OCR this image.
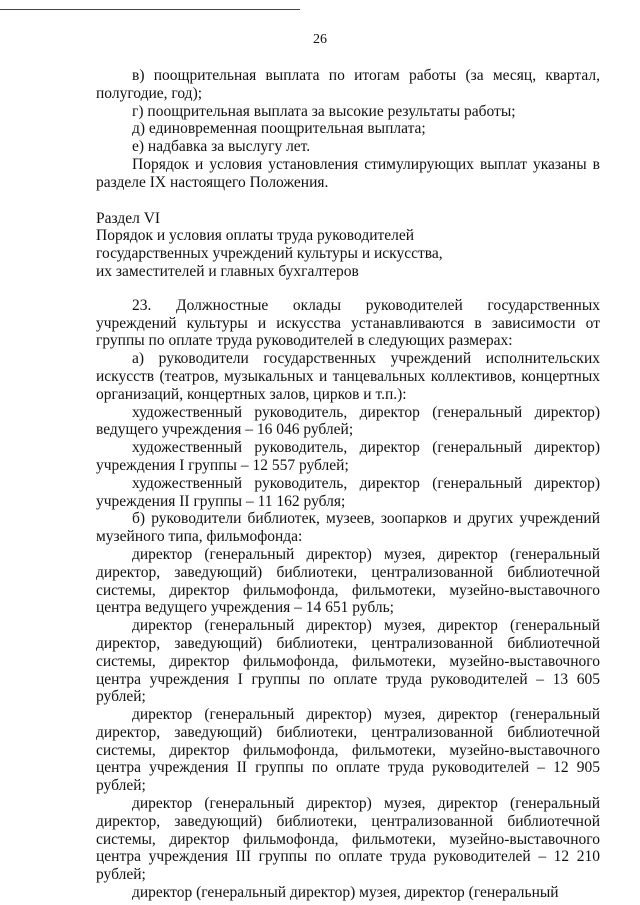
26

в) поощрительная выплата по итогам работы (за месяц, квартал, полугодие, год);

г) поощрительная выплата за высокие результаты работы;

д) единовременная поощрительная выплата;

е) надбавка за выслугу лет.

Порядок и условия установления стимулирующих выплат указаны в разделе IX настоящего Положения.

Раздел VI

Порядок и условия оплаты труда руководителей
государственных учреждений культуры и искусства,
их заместителей и главных бухгалтеров

23. Должностные оклады руководителей государственных учреждений культуры и искусства устанавливаются в зависимости от группы по оплате труда руководителей в следующих размерах:

а) руководители государственных учреждений исполнительских искусств (театров, музыкальных и танцевальных коллективов, концертных организаций, концертных залов, цирков и т.п.):

художественный руководитель, директор (генеральный директор) ведущего учреждения – 16 046 рублей;

художественный руководитель, директор (генеральный директор) учреждения I группы – 12 557 рублей;

художественный руководитель, директор (генеральный директор) учреждения II группы – 11 162 рубля;

б) руководители библиотек, музеев, зоопарков и других учреждений музейного типа, фильмофонда:

директор (генеральный директор) музея, директор (генеральный директор, заведующий) библиотеки, централизованной библиотечной системы, директор фильмофонда, фильмотеки, музейно-выставочного центра ведущего учреждения – 14 651 рубль;

директор (генеральный директор) музея, директор (генеральный директор, заведующий) библиотеки, централизованной библиотечной системы, директор фильмофонда, фильмотеки, музейно-выставочного центра учреждения I группы по оплате труда руководителей – 13 605 рублей;

директор (генеральный директор) музея, директор (генеральный директор, заведующий) библиотеки, централизованной библиотечной системы, директор фильмофонда, фильмотеки, музейно-выставочного центра учреждения II группы по оплате труда руководителей – 12 905 рублей;

директор (генеральный директор) музея, директор (генеральный директор, заведующий) библиотеки, централизованной библиотечной системы, директор фильмофонда, фильмотеки, музейно-выставочного центра учреждения III группы по оплате труда руководителей – 12 210 рублей;

директор (генеральный директор) музея, директор (генеральный
